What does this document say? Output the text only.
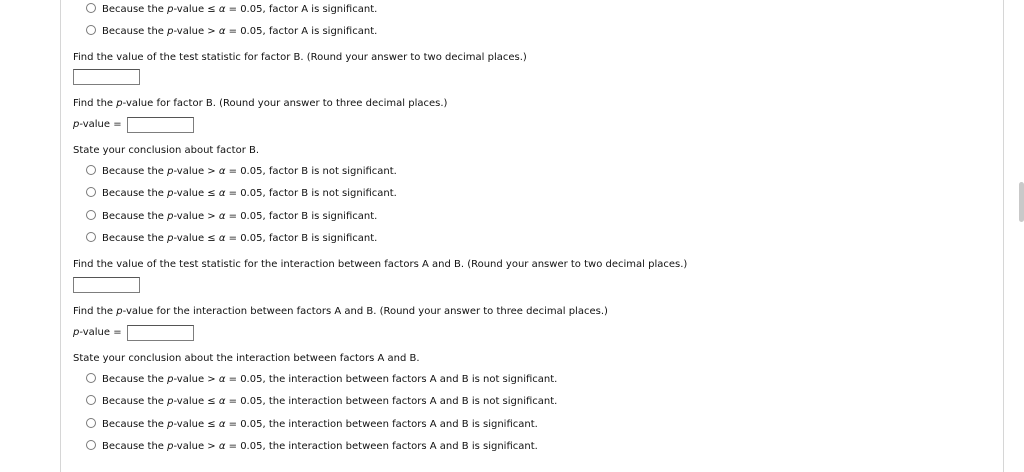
Because the p-value ≤ α = 0.05, factor A is significant.
Because the p-value > α = 0.05, factor A is significant.
Find the value of the test statistic for factor B. (Round your answer to two decimal places.)
Find the p-value for factor B. (Round your answer to three decimal places.)
p-value =
State your conclusion about factor B.
Because the p-value > α = 0.05, factor B is not significant.
Because the p-value ≤ α = 0.05, factor B is not significant.
Because the p-value > α = 0.05, factor B is significant.
Because the p-value ≤ α = 0.05, factor B is significant.
Find the value of the test statistic for the interaction between factors A and B. (Round your answer to two decimal places.)
Find the p-value for the interaction between factors A and B. (Round your answer to three decimal places.)
p-value =
State your conclusion about the interaction between factors A and B.
Because the p-value > α = 0.05, the interaction between factors A and B is not significant.
Because the p-value ≤ α = 0.05, the interaction between factors A and B is not significant.
Because the p-value ≤ α = 0.05, the interaction between factors A and B is significant.
Because the p-value > α = 0.05, the interaction between factors A and B is significant.
